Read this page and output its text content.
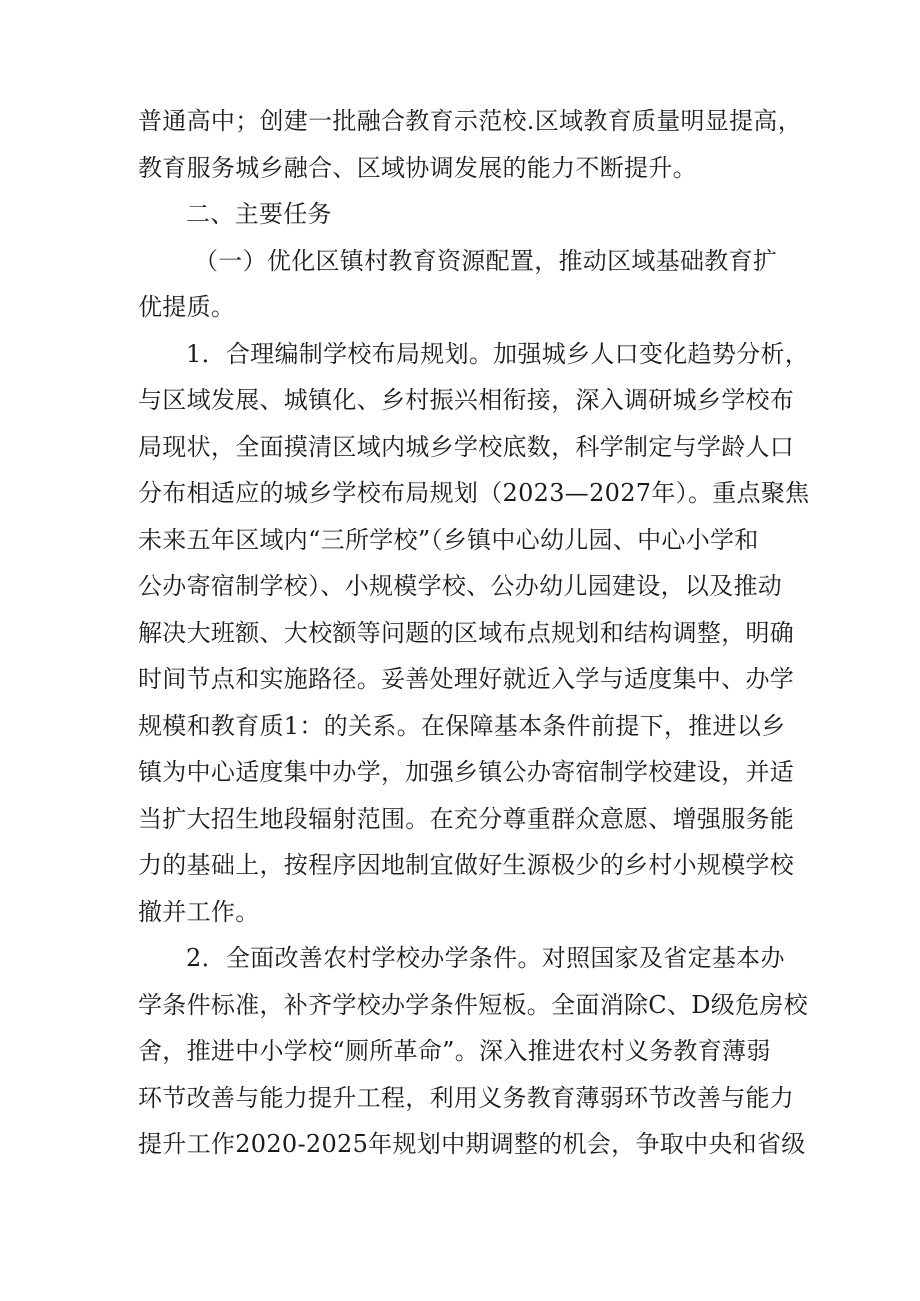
普通高中；创建一批融合教育示范校.区域教育质量明显提高，
教育服务城乡融合、区域协调发展的能力不断提升。
二、主要任务
（一）优化区镇村教育资源配置，推动区域基础教育扩
优提质。
1．合理编制学校布局规划。加强城乡人口变化趋势分析，
与区域发展、城镇化、乡村振兴相衔接，深入调研城乡学校布
局现状，全面摸清区域内城乡学校底数，科学制定与学龄人口
分布相适应的城乡学校布局规划（2023—2027年）。重点聚焦
未来五年区域内“三所学校”（乡镇中心幼儿园、中心小学和
公办寄宿制学校）、小规模学校、公办幼儿园建设，以及推动
解决大班额、大校额等问题的区域布点规划和结构调整，明确
时间节点和实施路径。妥善处理好就近入学与适度集中、办学
规模和教育质1：的关系。在保障基本条件前提下，推进以乡
镇为中心适度集中办学，加强乡镇公办寄宿制学校建设，并适
当扩大招生地段辐射范围。在充分尊重群众意愿、增强服务能
力的基础上，按程序因地制宜做好生源极少的乡村小规模学校
撤并工作。
2．全面改善农村学校办学条件。对照国家及省定基本办
学条件标准，补齐学校办学条件短板。全面消除C、D级危房校
舍，推进中小学校“厕所革命”。深入推进农村义务教育薄弱
环节改善与能力提升工程，利用义务教育薄弱环节改善与能力
提升工作2020-2025年规划中期调整的机会，争取中央和省级
